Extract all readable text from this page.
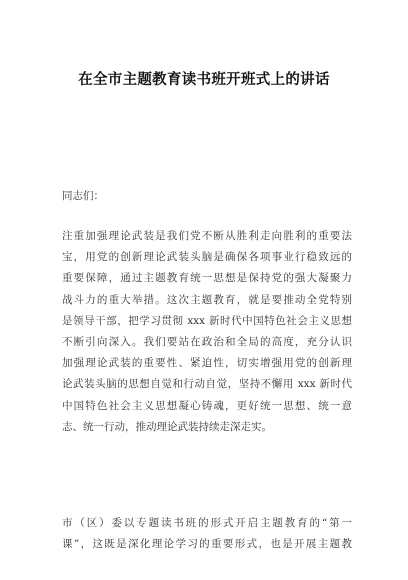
在全市主题教育读书班开班式上的讲话
同志们：
注重加强理论武装是我们党不断从胜利走向胜利的重要法
宝，用党的创新理论武装头脑是确保各项事业行稳致远的
重要保障，通过主题教育统一思想是保持党的强大凝聚力
战斗力的重大举措。这次主题教育，就是要推动全党特别
是领导干部，把学习贯彻 xxx 新时代中国特色社会主义思想
不断引向深入。我们要站在政治和全局的高度，充分认识
加强理论武装的重要性、紧迫性，切实增强用党的创新理
论武装头脑的思想自觉和行动自觉，坚持不懈用 xxx 新时代
中国特色社会主义思想凝心铸魂，更好统一思想、统一意
志、统一行动，推动理论武装持续走深走实。
市（区）委以专题读书班的形式开启主题教育的“第一
课”，这既是深化理论学习的重要形式，也是开展主题教
